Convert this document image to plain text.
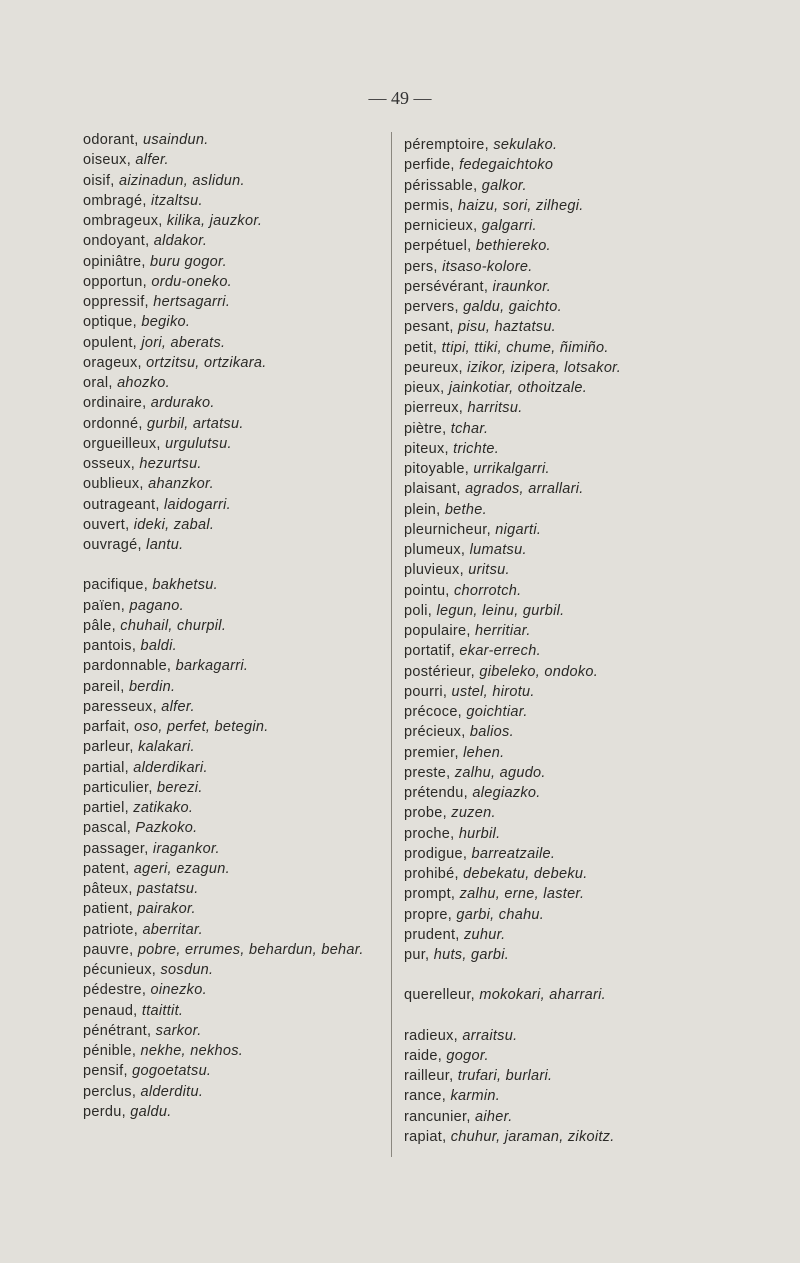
— 49 —
odorant, usaindun.
oiseux, alfer.
oisif, aizinadun, aslidun.
ombragé, itzaltsu.
ombrageux, kilika, jauzkor.
ondoyant, aldakor.
opiniâtre, buru gogor.
opportun, ordu-oneko.
oppressif, hertsagarri.
optique, begiko.
opulent, jori, aberats.
orageux, ortzitsu, ortzikara.
oral, ahozko.
ordinaire, ardurako.
ordonné, gurbil, artatsu.
orgueilleux, urgulutsu.
osseux, hezurtsu.
oublieux, ahanzkor.
outrageant, laidogarri.
ouvert, ideki, zabal.
ouvragé, lantu.
pacifique, bakhetsu.
païen, pagano.
pâle, chuhail, churpil.
pantois, baldi.
pardonnable, barkagarri.
pareil, berdin.
paresseux, alfer.
parfait, oso, perfet, betegin.
parleur, kalakari.
partial, alderdikari.
particulier, berezi.
partiel, zatikako.
pascal, Pazkoko.
passager, iragankor.
patent, ageri, ezagun.
pâteux, pastatsu.
patient, pairakor.
patriote, aberritar.
pauvre, pobre, errumes, behardun, behar.
pécunieux, sosdun.
pédestre, oinezko.
penaud, ttaittit.
pénétrant, sarkor.
pénible, nekhe, nekhos.
pensif, gogoetatsu.
perclus, alderditu.
perdu, galdu.
péremptoire, sekulako.
perfide, fedegaichtoko
périssable, galkor.
permis, haizu, sori, zilhegi.
pernicieux, galgarri.
perpétuel, bethiereko.
pers, itsaso-kolore.
persévérant, iraunkor.
pervers, galdu, gaichto.
pesant, pisu, haztatsu.
petit, ttipi, ttiki, chume, ñimiño.
peureux, izikor, izipera, lotsakor.
pieux, jainkotiar, othoitzale.
pierreux, harritsu.
piètre, tchar.
piteux, trichte.
pitoyable, urrikalgarri.
plaisant, agrados, arrallari.
plein, bethe.
pleurnicheur, nigarti.
plumeux, lumatsu.
pluvieux, uritsu.
pointu, chorrotch.
poli, legun, leinu, gurbil.
populaire, herritiar.
portatif, ekar-errech.
postérieur, gibeleko, ondoko.
pourri, ustel, hirotu.
précoce, goichtiar.
précieux, balios.
premier, lehen.
preste, zalhu, agudo.
prétendu, alegiazko.
probe, zuzen.
proche, hurbil.
prodigue, barreatzaile.
prohibé, debekatu, debeku.
prompt, zalhu, erne, laster.
propre, garbi, chahu.
prudent, zuhur.
pur, huts, garbi.
querelleur, mokokari, aharrari.
radieux, arraitsu.
raide, gogor.
railleur, trufari, burlari.
rance, karmin.
rancunier, aiher.
rapiat, chuhur, jaraman, zikoitz.
